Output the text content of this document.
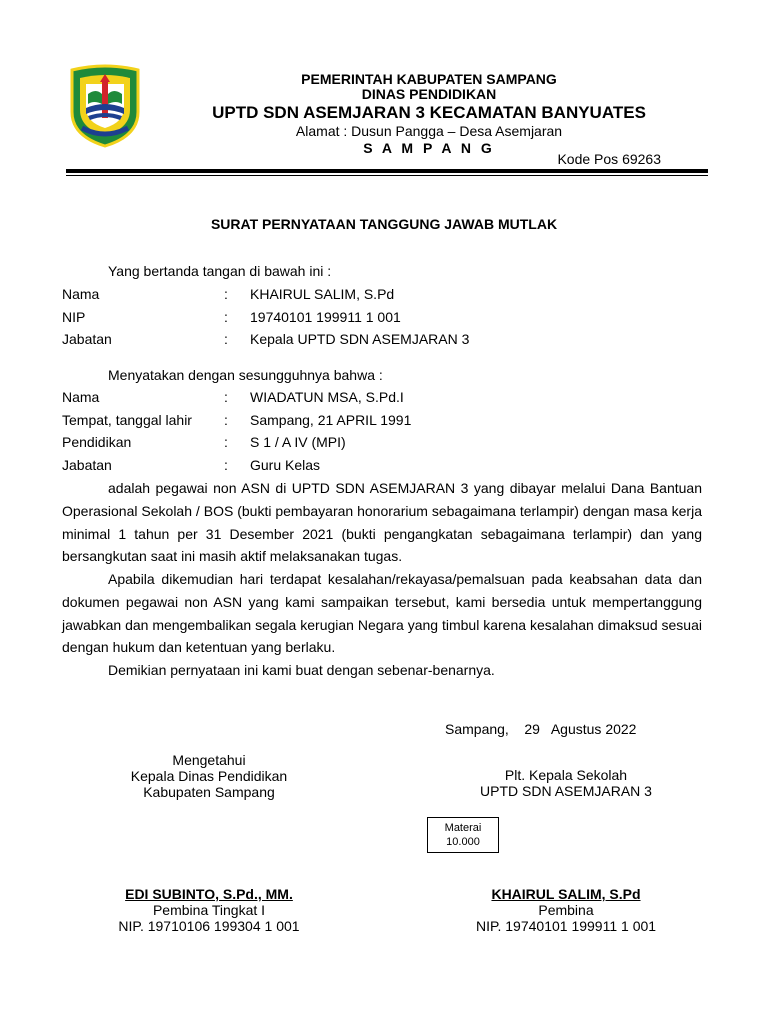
PEMERINTAH KABUPATEN SAMPANG
DINAS PENDIDIKAN
UPTD SDN ASEMJARAN 3 KECAMATAN BANYUATES
Alamat : Dusun Pangga – Desa Asemjaran
S A M P A N G
Kode Pos 69263
SURAT PERNYATAAN TANGGUNG JAWAB MUTLAK
Yang bertanda tangan di bawah ini :
Nama	: KHAIRUL SALIM, S.Pd
NIP	: 19740101 199911 1 001
Jabatan	: Kepala UPTD SDN ASEMJARAN 3
Menyatakan dengan sesungguhnya bahwa :
Nama	: WIADATUN MSA, S.Pd.I
Tempat, tanggal lahir : Sampang, 21 APRIL 1991
Pendidikan	: S 1 / A IV (MPI)
Jabatan	: Guru Kelas

adalah pegawai non ASN di UPTD SDN ASEMJARAN 3 yang dibayar melalui Dana Bantuan Operasional Sekolah / BOS (bukti pembayaran honorarium sebagaimana terlampir) dengan masa kerja minimal 1 tahun per 31 Desember 2021 (bukti pengangkatan sebagaimana terlampir) dan yang bersangkutan saat ini masih aktif melaksanakan tugas.

Apabila dikemudian hari terdapat kesalahan/rekayasa/pemalsuan pada keabsahan data dan dokumen pegawai non ASN yang kami sampaikan tersebut, kami bersedia untuk mempertanggung jawabkan dan mengembalikan segala kerugian Negara yang timbul karena kesalahan dimaksud sesuai dengan hukum dan ketentuan yang berlaku.

Demikian pernyataan ini kami buat dengan sebenar-benarnya.

Sampang,    29   Agustus 2022
Mengetahui
Kepala Dinas Pendidikan
Kabupaten Sampang
EDI SUBINTO, S.Pd., MM.
Pembina Tingkat I
NIP. 19710106 199304 1 001
Plt. Kepala Sekolah
UPTD SDN ASEMJARAN 3
KHAIRUL SALIM, S.Pd
Pembina
NIP. 19740101 199911 1 001
Materai
10.000
